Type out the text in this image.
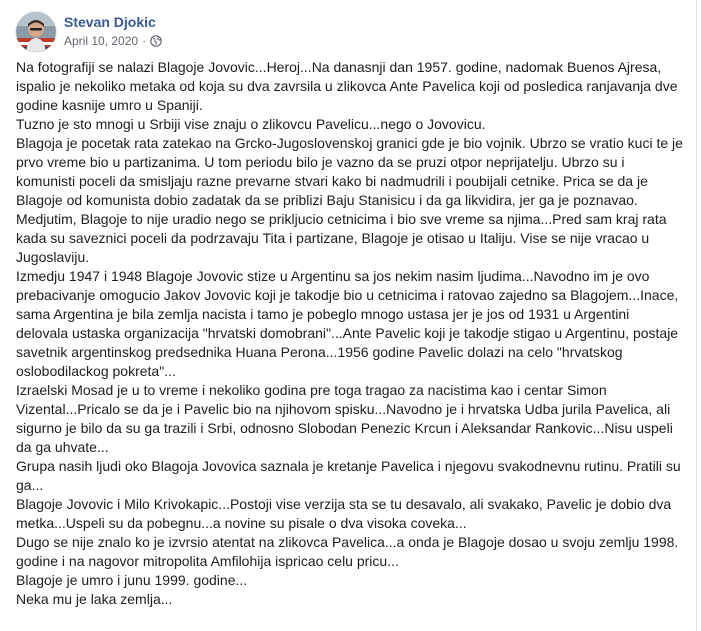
Stevan Djokic
April 10, 2020 ·
Na fotografiji se nalazi Blagoje Jovovic...Heroj...Na danasnji dan 1957. godine, nadomak Buenos Ajresa,
ispalio je nekoliko metaka od koja su dva zavrsila u zlikovca Ante Pavelica koji od posledica ranjavanja dve
godine kasnije umro u Spaniji.
Tuzno je sto mnogi u Srbiji vise znaju o zlikovcu Pavelicu...nego o Jovovicu.
Blagoja je pocetak rata zatekao na Grcko-Jugoslovenskoj granici gde je bio vojnik. Ubrzo se vratio kuci te je
prvo vreme bio u partizanima. U tom periodu bilo je vazno da se pruzi otpor neprijatelju. Ubrzo su i
komunisti poceli da smisljaju razne prevarne stvari kako bi nadmudrili i poubijali cetnike. Prica se da je
Blagoje od komunista dobio zadatak da se priblizi Baju Stanisicu i da ga likvidira, jer ga je poznavao.
Medjutim, Blagoje to nije uradio nego se prikljucio cetnicima i bio sve vreme sa njima...Pred sam kraj rata
kada su saveznici poceli da podrzavaju Tita i partizane, Blagoje je otisao u Italiju. Vise se nije vracao u
Jugoslaviju.
Izmedju 1947 i 1948 Blagoje Jovovic stize u Argentinu sa jos nekim nasim ljudima...Navodno im je ovo
prebacivanje omogucio Jakov Jovovic koji je takodje bio u cetnicima i ratovao zajedno sa Blagojem...Inace,
sama Argentina je bila zemlja nacista i tamo je pobeglo mnogo ustasa jer je jos od 1931 u Argentini
delovala ustaska organizacija "hrvatski domobrani"...Ante Pavelic koji je takodje stigao u Argentinu, postaje
savetnik argentinskog predsednika Huana Perona...1956 godine Pavelic dolazi na celo "hrvatskog
oslobodilackog pokreta"...
Izraelski Mosad je u to vreme i nekoliko godina pre toga tragao za nacistima kao i centar Simon
Vizental...Pricalo se da je i Pavelic bio na njihovom spisku...Navodno je i hrvatska Udba jurila Pavelica, ali
sigurno je bilo da su ga trazili i Srbi, odnosno Slobodan Penezic Krcun i Aleksandar Rankovic...Nisu uspeli
da ga uhvate...
Grupa nasih ljudi oko Blagoja Jovovica saznala je kretanje Pavelica i njegovu svakodnevnu rutinu. Pratili su
ga...
Blagoje Jovovic i Milo Krivokapic...Postoji vise verzija sta se tu desavalo, ali svakako, Pavelic je dobio dva
metka...Uspeli su da pobegnu...a novine su pisale o dva visoka coveka...
Dugo se nije znalo ko je izvrsio atentat na zlikovca Pavelica...a onda je Blagoje dosao u svoju zemlju 1998.
godine i na nagovor mitropolita Amfilohija ispricao celu pricu...
Blagoje je umro i junu 1999. godine...
Neka mu je laka zemlja...
